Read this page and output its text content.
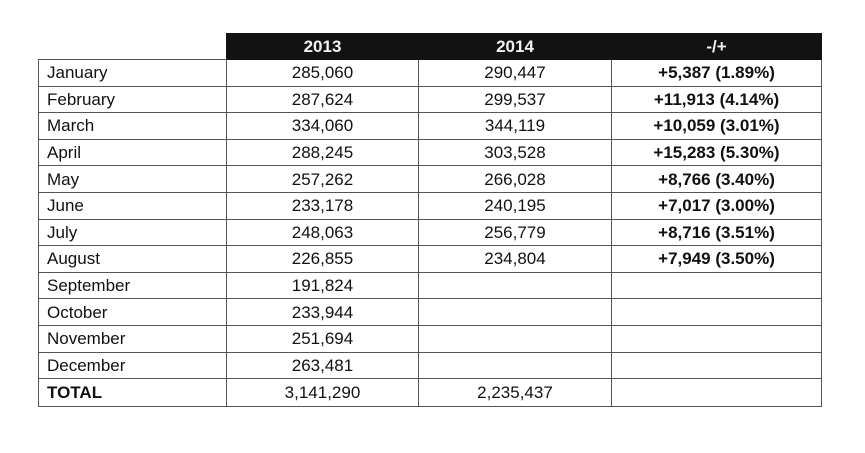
	2013	2014	-/+
January	285,060	290,447	+5,387 (1.89%)
February	287,624	299,537	+11,913 (4.14%)
March	334,060	344,119	+10,059 (3.01%)
April	288,245	303,528	+15,283 (5.30%)
May	257,262	266,028	+8,766 (3.40%)
June	233,178	240,195	+7,017 (3.00%)
July	248,063	256,779	+8,716 (3.51%)
August	226,855	234,804	+7,949 (3.50%)
September	191,824		
October	233,944		
November	251,694		
December	263,481		
TOTAL	3,141,290	2,235,437	
